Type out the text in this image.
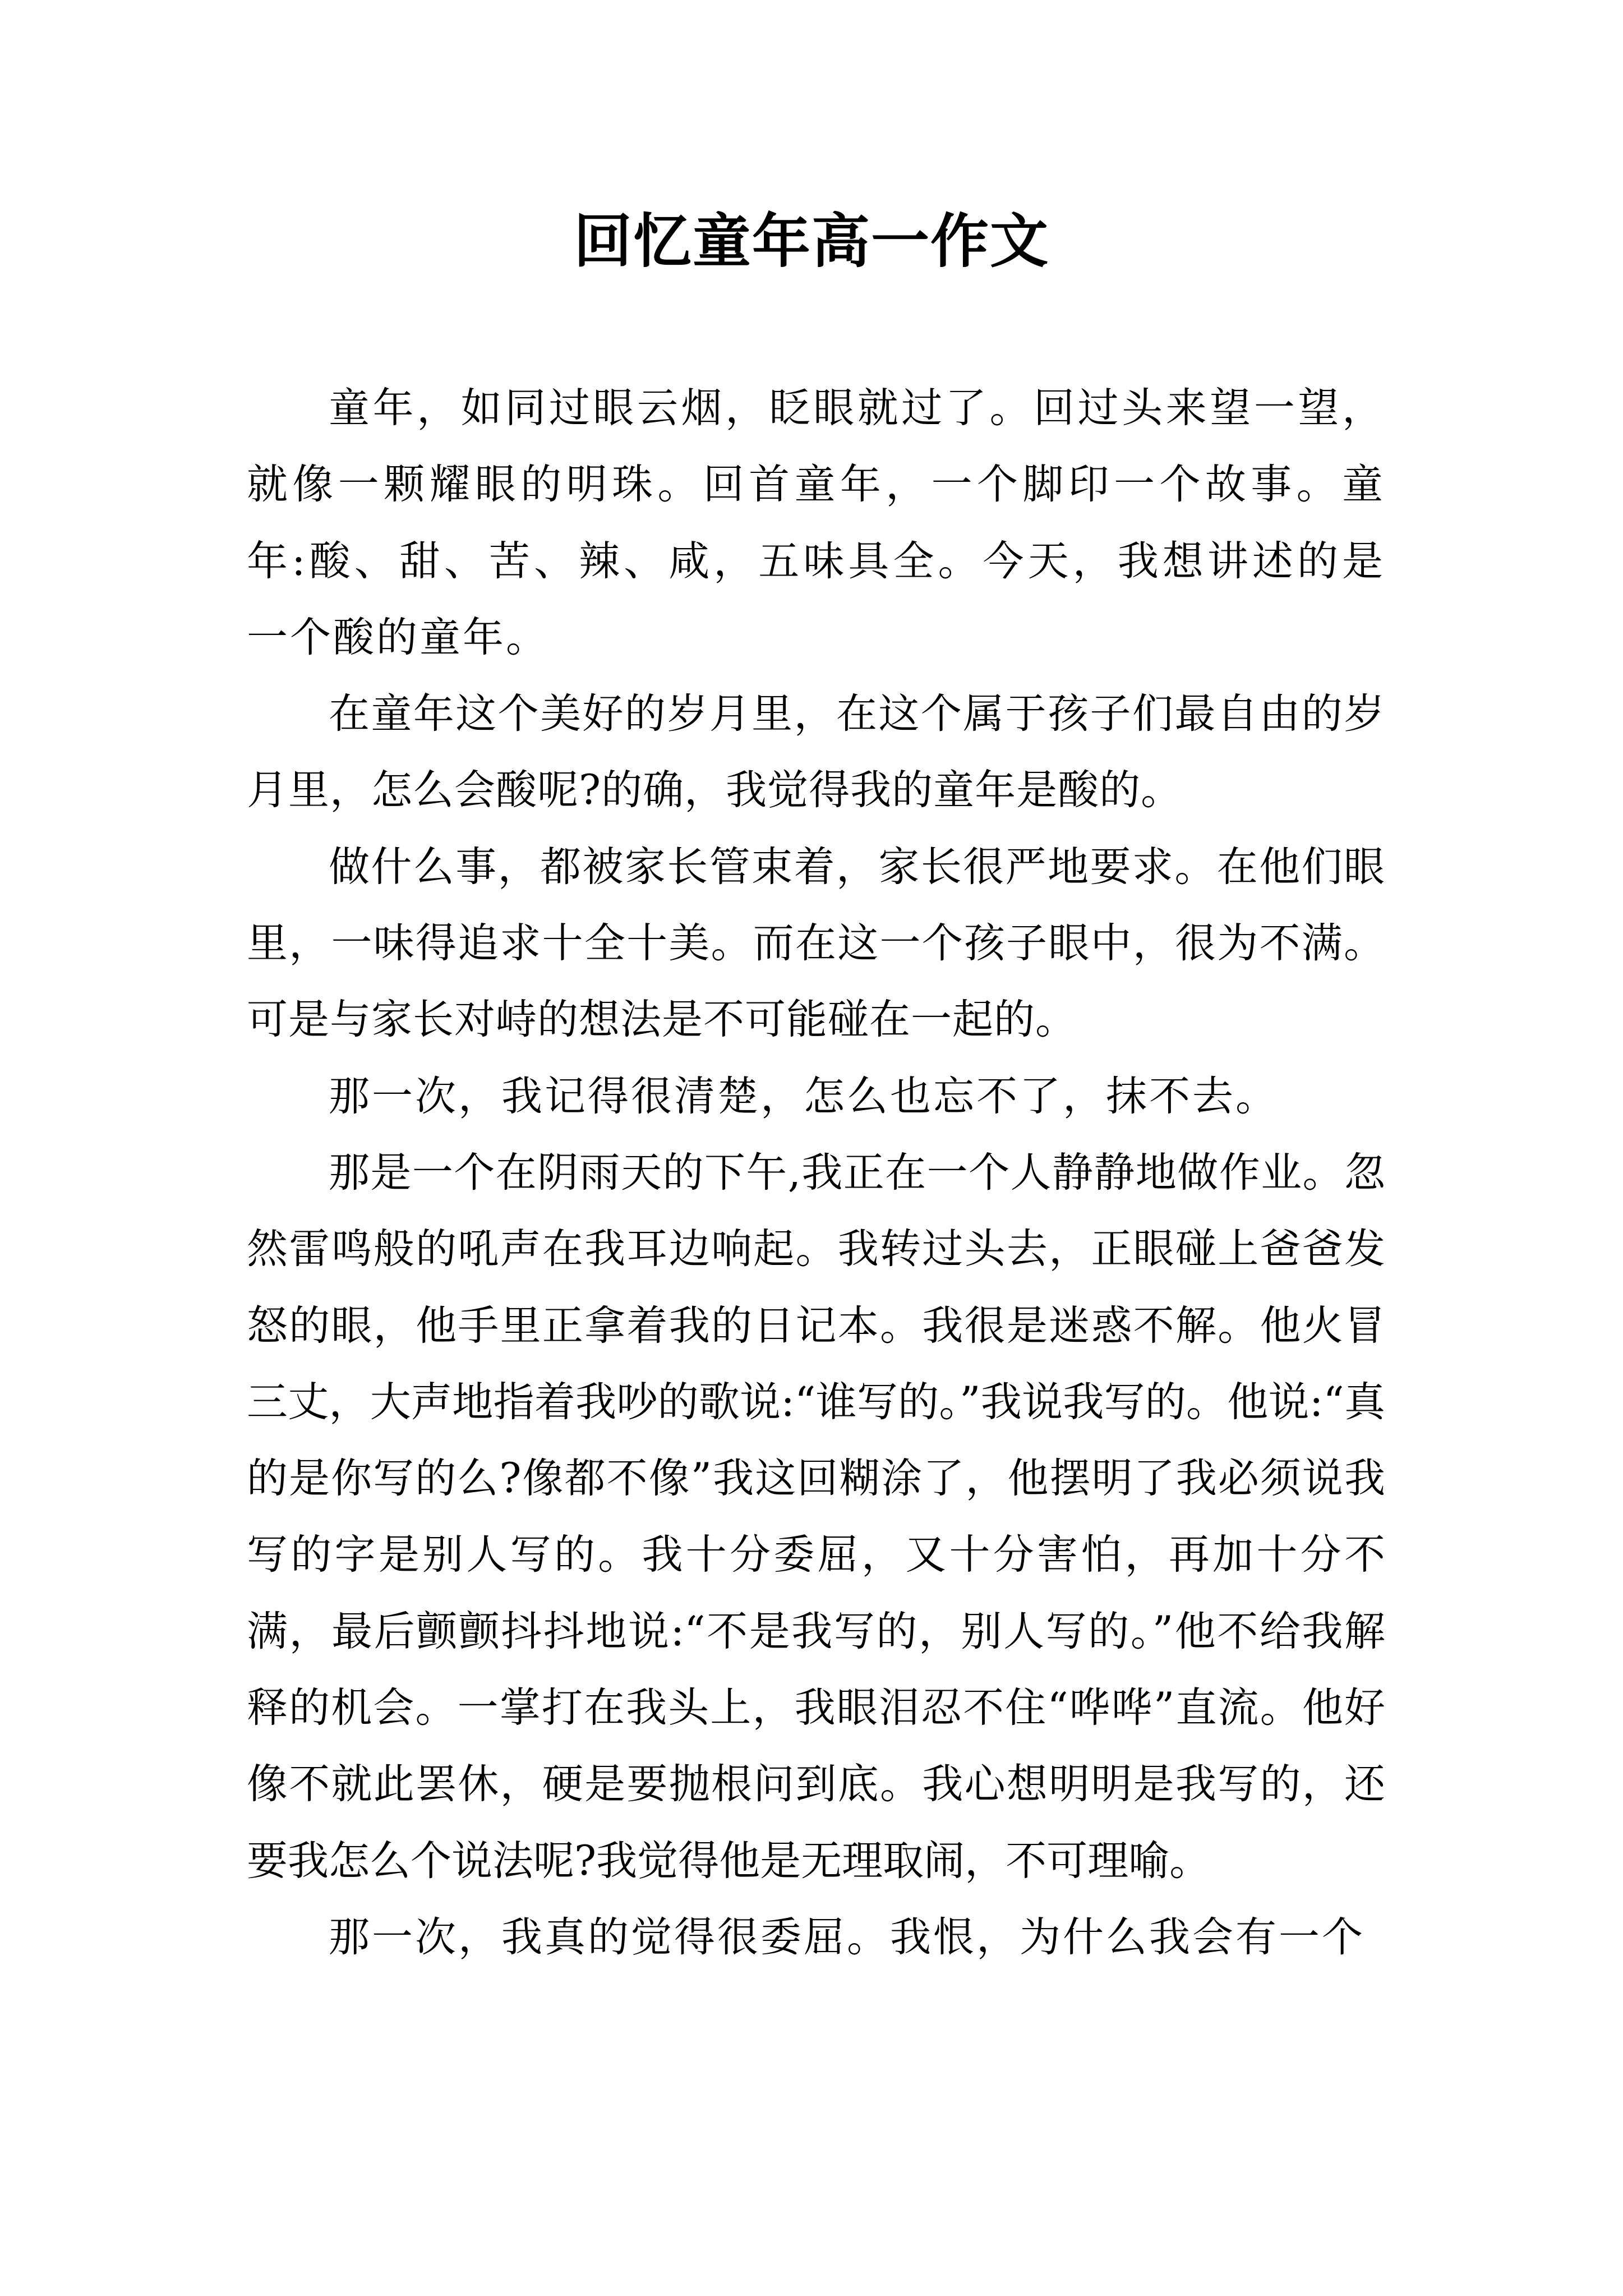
回忆童年高一作文

童年，如同过眼云烟，眨眼就过了。回过头来望一望，就像一颗耀眼的明珠。回首童年，一个脚印一个故事。童年:酸、甜、苦、辣、咸，五味具全。今天，我想讲述的是一个酸的童年。

在童年这个美好的岁月里，在这个属于孩子们最自由的岁月里，怎么会酸呢?的确，我觉得我的童年是酸的。

做什么事，都被家长管束着，家长很严地要求。在他们眼里，一味得追求十全十美。而在这一个孩子眼中，很为不满。可是与家长对峙的想法是不可能碰在一起的。

那一次，我记得很清楚，怎么也忘不了，抹不去。

那是一个在阴雨天的下午,我正在一个人静静地做作业。忽然雷鸣般的吼声在我耳边响起。我转过头去，正眼碰上爸爸发怒的眼，他手里正拿着我的日记本。我很是迷惑不解。他火冒三丈，大声地指着我吵的歌说:“谁写的。”我说我写的。他说:“真的是你写的么?像都不像”我这回糊涂了，他摆明了我必须说我写的字是别人写的。我十分委屈，又十分害怕，再加十分不满，最后颤颤抖抖地说:“不是我写的，别人写的。”他不给我解释的机会。一掌打在我头上，我眼泪忍不住“哗哗”直流。他好像不就此罢休，硬是要抛根问到底。我心想明明是我写的，还要我怎么个说法呢?我觉得他是无理取闹，不可理喻。

那一次，我真的觉得很委屈。我恨，为什么我会有一个
